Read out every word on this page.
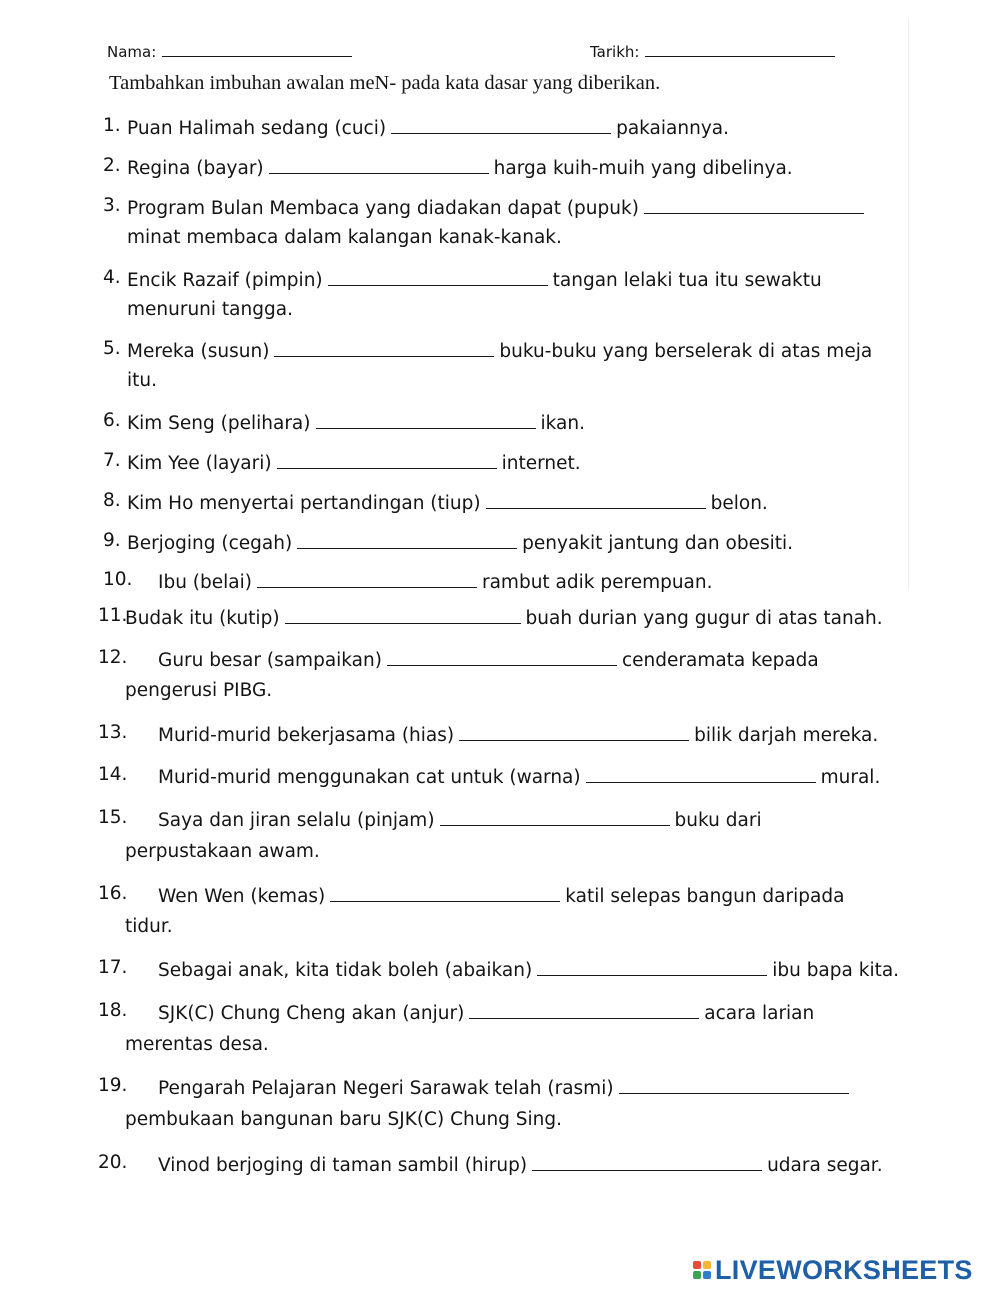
Nama:	Tarikh:
Tambahkan imbuhan awalan meN- pada kata dasar yang diberikan.
1. Puan Halimah sedang (cuci)	pakaiannya.
2. Regina (bayar)	harga kuih-muih yang dibelinya.
3. Program Bulan Membaca yang diadakan dapat (pupuk)
minat membaca dalam kalangan kanak-kanak.
4. Encik Razaif (pimpin)	tangan lelaki tua itu sewaktu
menuruni tangga.
5. Mereka (susun)	buku-buku yang berselerak di atas meja
itu.
6. Kim Seng (pelihara)	ikan.
7. Kim Yee (layari)	internet.
8. Kim Ho menyertai pertandingan (tiup)	belon.
9. Berjoging (cegah)	penyakit jantung dan obesiti.
10. Ibu (belai)	rambut adik perempuan.
11.
Budak itu (kutip)	buah durian yang gugur di atas tanah.
12. Guru besar (sampaikan)	cenderamata kepada
pengerusi PIBG.
13. Murid-murid bekerjasama (hias)	bilik darjah mereka.
14. Murid-murid menggunakan cat untuk (warna)	mural.
15. Saya dan jiran selalu (pinjam)	buku dari
perpustakaan awam.
16. Wen Wen (kemas)	katil selepas bangun daripada
tidur.
17. Sebagai anak, kita tidak boleh (abaikan)	ibu bapa kita.
18. SJK(C) Chung Cheng akan (anjur)	acara larian
merentas desa.
19. Pengarah Pelajaran Negeri Sarawak telah (rasmi)
pembukaan bangunan baru SJK(C) Chung Sing.
20. Vinod berjoging di taman sambil (hirup)	udara segar.
LIVEWORKSHEETS
